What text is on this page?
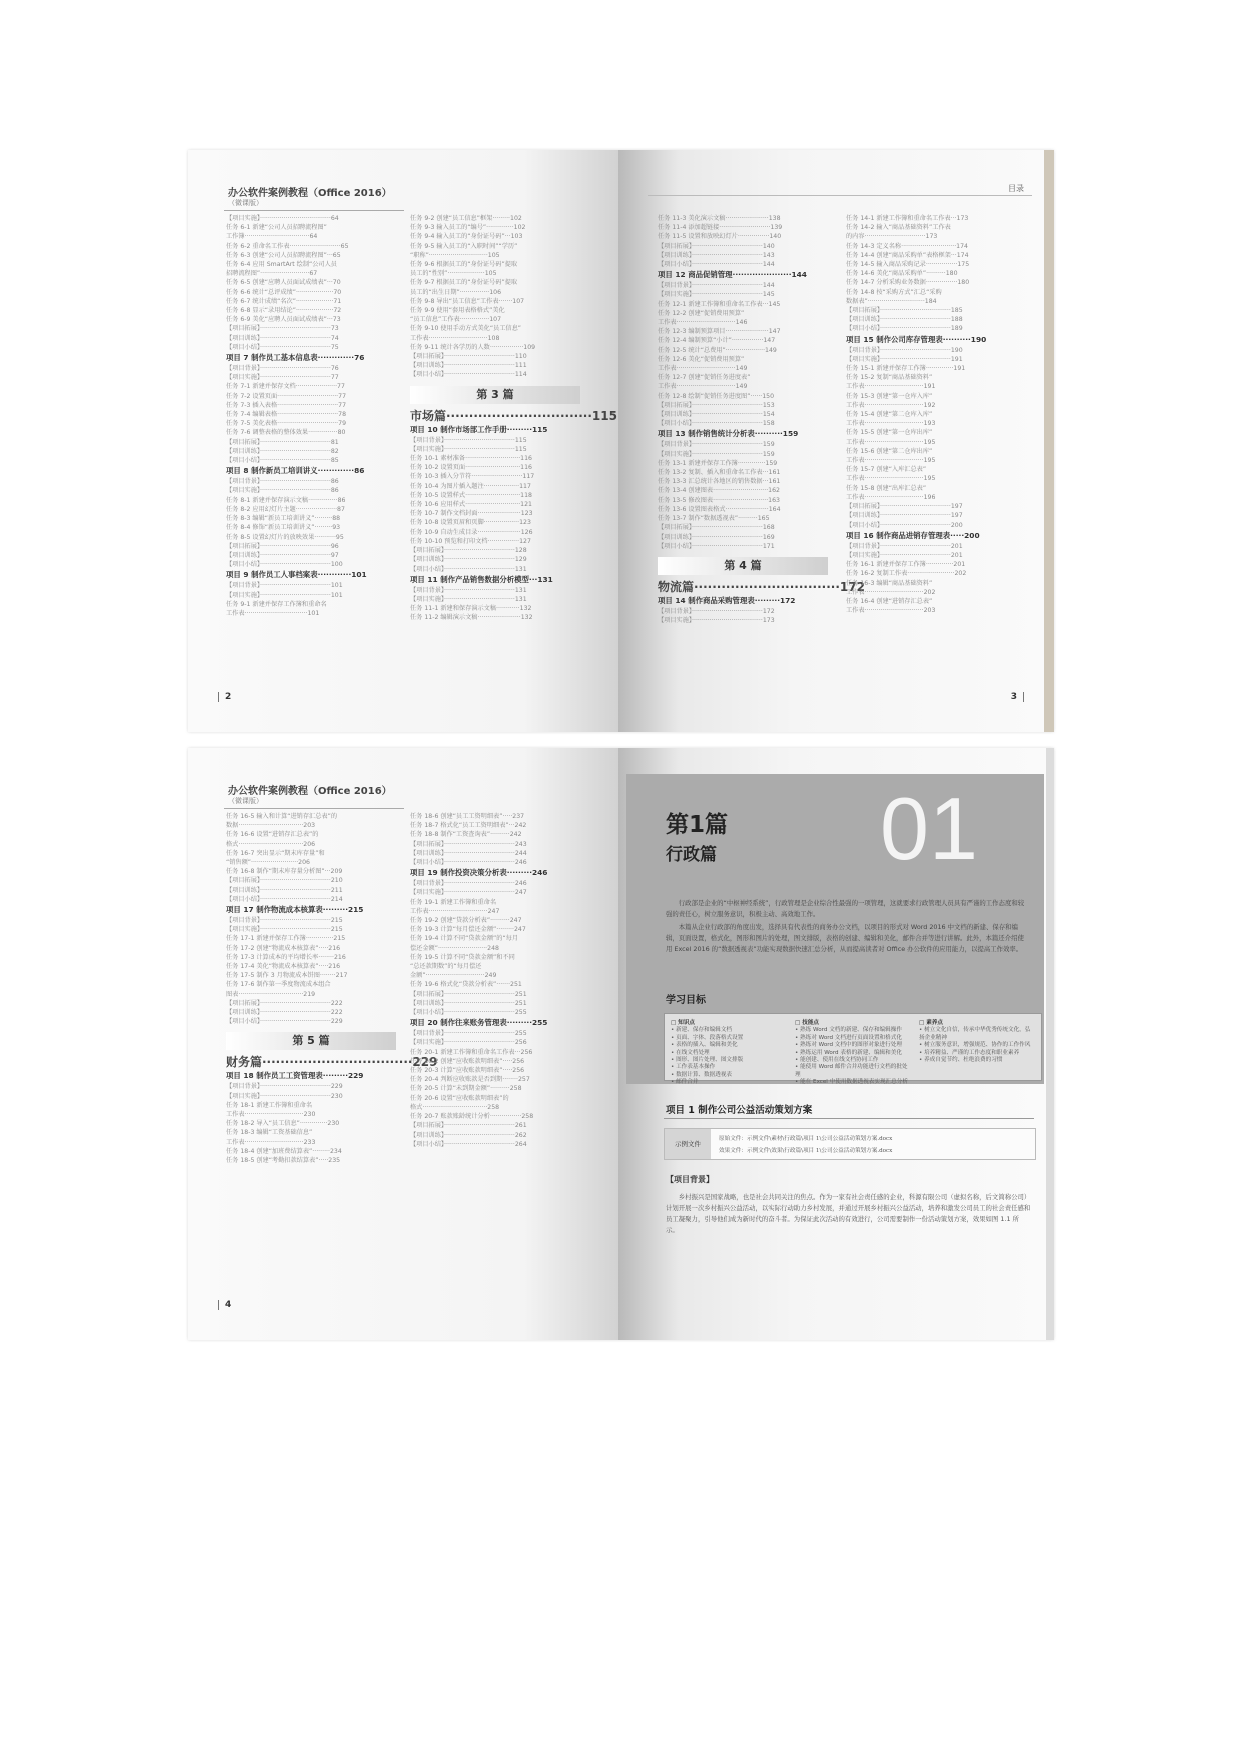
办公软件案例教程（Office 2016）
（微课版）
【项目实施】····································64
任务 6-1 新建“公司人员招聘流程图”
工作簿·································64
任务 6-2 重命名工作表··························65
任务 6-3 创建“公司人员招聘流程图”···65
任务 6-4 应用 SmartArt 绘制“公司人员
招聘流程图”·························67
任务 6-5 创建“应聘人员面试成绩表”···70
任务 6-6 统计“总评成绩”···················70
任务 6-7 统计成绩“名次”···················71
任务 6-8 显示“录用结论”···················72
任务 6-9 美化“应聘人员面试成绩表”···73
【项目拓展】····································73
【项目训练】····································74
【项目小结】····································75
项目 7 制作员工基本信息表·············76
【项目背景】····································76
【项目实施】····································77
任务 7-1 新建并保存文档·····················77
任务 7-2 设置页面·······························77
任务 7-3 插入表格·······························77
任务 7-4 编辑表格·······························78
任务 7-5 美化表格·······························79
任务 7-6 调整表格的整体效果···············80
【项目拓展】····································81
【项目训练】····································82
【项目小结】····································85
项目 8 制作新员工培训讲义·············86
【项目背景】····································86
【项目实施】····································86
任务 8-1 新建并保存演示文稿···············86
任务 8-2 应用幻灯片主题·····················87
任务 8-3 编辑“新员工培训讲义”·········88
任务 8-4 修饰“新员工培训讲义”·········93
任务 8-5 设置幻灯片的放映效果···········95
【项目拓展】····································96
【项目训练】····································97
【项目小结】····································100
项目 9 制作员工人事档案表············101
【项目背景】····································101
【项目实施】····································101
任务 9-1 新建并保存工作簿和重命名
工作表································101
任务 9-2 创建“员工信息”框架·········102
任务 9-3 输入员工的“编号”··············102
任务 9-4 输入员工的“身份证号码”···103
任务 9-5 输入员工的“入职时间”“学历”
“职称”······························105
任务 9-6 根据员工的“身份证号码”提取
员工的“性别”···················105
任务 9-7 根据员工的“身份证号码”提取
员工的“出生日期”···············106
任务 9-8 导出“员工信息”工作表·······107
任务 9-9 使用“套用表格格式”美化
“员工信息”工作表···············107
任务 9-10 使用手动方式美化“员工信息”
工作表······························108
任务 9-11 统计各学历的人数·················109
【项目拓展】····································110
【项目训练】····································111
【项目小结】····································114
第 3 篇
市场篇································115
项目 10 制作市场部工作手册·········115
【项目背景】····································115
【项目实施】····································115
任务 10-1 素材准备····························116
任务 10-2 设置页面····························116
任务 10-3 插入分节符··························117
任务 10-4 为图片插入题注··················117
任务 10-5 设置样式····························118
任务 10-6 应用样式····························121
任务 10-7 制作文档封面······················123
任务 10-8 设置页眉和页脚··················123
任务 10-9 自动生成目录······················126
任务 10-10 预览和打印文档················127
【项目拓展】····································128
【项目训练】····································129
【项目小结】····································131
项目 11 制作产品销售数据分析模型···131
【项目背景】····································131
【项目实施】····································131
任务 11-1 新建和保存演示文稿············132
任务 11-2 编辑演示文稿······················132
2
目录
任务 11-3 美化演示文稿······················138
任务 11-4 添加超链接··························139
任务 11-5 设置和放映幻灯片················140
【项目拓展】····································140
【项目训练】····································143
【项目小结】····································144
项目 12 商品促销管理·····················144
【项目背景】····································144
【项目实施】····································145
任务 12-1 新建工作簿和重命名工作表···145
任务 12-2 创建“促销费用预算”
工作表······························146
任务 12-3 编制预算项目······················147
任务 12-4 编制预算“小计”················147
任务 12-5 统计“总费用”····················149
任务 12-6 美化“促销费用预算”
工作表······························149
任务 12-7 创建“促销任务进度表”
工作表······························149
任务 12-8 绘制“促销任务进度图”······150
【项目拓展】····································153
【项目训练】····································154
【项目小结】····································158
项目 13 制作销售统计分析表··········159
【项目背景】····································159
【项目实施】····································159
任务 13-1 新建并保存工作簿··············159
任务 13-2 复制、插入和重命名工作表···161
任务 13-3 汇总统计各地区的销售数据···161
任务 13-4 创建图表····························162
任务 13-5 修改图表····························163
任务 13-6 设置图表格式······················164
任务 13-7 制作“数据透视表”··········165
【项目拓展】····································168
【项目训练】····································169
【项目小结】····································171
第 4 篇
物流篇································172
项目 14 制作商品采购管理表·········172
【项目背景】····································172
【项目实施】····································173
任务 14-1 新建工作簿和重命名工作表···173
任务 14-2 输入“商品基础资料”工作表
的内容·······························173
任务 14-3 定义名称····························174
任务 14-4 创建“商品采购单”表格框架···174
任务 14-5 输入商品采购记录················175
任务 14-6 美化“商品采购单”··········180
任务 14-7 分析采购业务数据················180
任务 14-8 按“采购方式”汇总“采购
数据表”·····························184
【项目拓展】····································185
【项目训练】····································188
【项目小结】····································189
项目 15 制作公司库存管理表··········190
【项目背景】····································190
【项目实施】····································191
任务 15-1 新建并保存工作簿··············191
任务 15-2 复制“商品基础资料”
工作表······························191
任务 15-3 创建“第一仓库入库”
工作表······························192
任务 15-4 创建“第二仓库入库”
工作表······························193
任务 15-5 创建“第一仓库出库”
工作表······························195
任务 15-6 创建“第二仓库出库”
工作表······························195
任务 15-7 创建“入库汇总表”
工作表······························195
任务 15-8 创建“出库汇总表”
工作表······························196
【项目拓展】····································197
【项目训练】····································197
【项目小结】····································200
项目 16 制作商品进销存管理表·····200
【项目背景】····································201
【项目实施】····································201
任务 16-1 新建并保存工作簿··············201
任务 16-2 复制工作表························202
任务 16-3 编辑“商品基础资料”
工作表······························202
任务 16-4 创建“进销存汇总表”
工作表······························203
3
办公软件案例教程（Office 2016）
（微课版）
任务 16-5 输入和计算“进销存汇总表”的
数据·································203
任务 16-6 设置“进销存汇总表”的
格式·································206
任务 16-7 突出显示“期末库存量”和
“销售额”························206
任务 16-8 制作“期末库存量分析图”···209
【项目拓展】····································210
【项目训练】····································211
【项目小结】····································214
项目 17 制作物流成本核算表·········215
【项目背景】····································215
【项目实施】····································215
任务 17-1 新建并保存工作簿··············215
任务 17-2 创建“物流成本核算表”·····216
任务 17-3 计算成本的平均增长率········216
任务 17-4 美化“物流成本核算表”·····216
任务 17-5 制作 3 月物流成本饼图········217
任务 17-6 制作第一季度物流成本组合
图表·································219
【项目拓展】····································222
【项目训练】····································222
【项目小结】····································229
第 5 篇
财务篇·································229
项目 18 制作员工工资管理表·········229
【项目背景】····································229
【项目实施】····································230
任务 18-1 新建工作簿和重命名
工作表······························230
任务 18-2 导入“员工信息”··············230
任务 18-3 编辑“工资基础信息”
工作表······························233
任务 18-4 创建“加班费结算表”·········234
任务 18-5 创建“考勤扣款结算表”·····235
任务 18-6 创建“员工工资明细表”·····237
任务 18-7 格式化“员工工资明细表”···242
任务 18-8 制作“工资查询表”··········242
【项目拓展】····································243
【项目训练】····································244
【项目小结】····································246
项目 19 制作投资决策分析表·········246
【项目背景】····································246
【项目实施】····································247
任务 19-1 新建工作簿和重命名
工作表······························247
任务 19-2 创建“贷款分析表”··········247
任务 19-3 计算“每月偿还金额”·········247
任务 19-4 计算不同“贷款金额”的“每月
偿还金额”·························248
任务 19-5 计算不同“贷款金额”和不同
“总还款期数”的“每月偿还
金额”······························249
任务 19-6 格式化“贷款分析表”·······251
【项目拓展】····································251
【项目训练】····································251
【项目小结】····································255
项目 20 制作往来账务管理表·········255
【项目背景】····································255
【项目实施】····································256
任务 20-1 新建工作簿和重命名工作表···256
任务 20-2 创建“应收账款明细表”·····256
任务 20-3 计算“应收账款明细表”·····256
任务 20-4 判断应收账款是否到期········257
任务 20-5 计算“未到期金额”··········258
任务 20-6 设置“应收账款明细表”的
格式·································258
任务 20-7 账款账龄统计分析················258
【项目拓展】····································261
【项目训练】····································262
【项目小结】····································264
4
第1篇
行政篇 01

行政部是企业的“中枢神经系统”，行政管理是企业综合性最强的一项管理，这就要求行政管理人员具有严谨的工作态度和较强的责任心，树立服务意识，积极主动、高效地工作。

本篇从企业行政部的角度出发，选择具有代表性的商务办公文档，以项目的形式对 Word 2016 中文档的新建、保存和编辑，页面设置，格式化，图形和图片的处理，图文排版，表格的创建、编辑和美化，邮件合并等进行讲解。此外，本篇还介绍使用 Excel 2016 的“数据透视表”功能实现数据快速汇总分析，从而提高读者对 Office 办公软件的应用能力，以提高工作效率。

学习目标
□ 知识点
• 新建、保存和编辑文档
• 页面、字体、段落格式设置
• 表格的插入、编辑和美化
• 在线文档处理
• 图形、图片处理、图文排版
• 工作表基本操作
• 数据计算、数据透视表
• 邮件合并
□ 技能点
• 熟练 Word 文档的新建、保存和编辑操作
• 熟练对 Word 文档进行页面设置和格式化
• 熟练对 Word 文档中的图形对象进行处理
• 熟练运用 Word 表格的新建、编辑和美化
• 能创建、使用在线文档协同工作
• 能使用 Word 邮件合并功能进行文档的批处理
• 能在 Excel 中使用数据透视表实现汇总分析
□ 素养点
• 树立文化自信，传承中华优秀传统文化，弘扬企业精神
• 树立服务意识，增强规范、协作的工作作风
• 培养精益、严谨的工作态度和职业素养
• 养成自觉节约、杜绝浪费的习惯
项目 1 制作公司公益活动策划方案
示例文件
原始文件：示例文件\素材\行政篇\项目 1\公司公益活动策划方案.docx
效果文件：示例文件\效果\行政篇\项目 1\公司公益活动策划方案.docx
【项目背景】

乡村振兴是国家战略，也是社会共同关注的焦点。作为一家有社会责任感的企业，科源有限公司（虚拟名称，后文简称公司）计划开展一次乡村振兴公益活动，以实际行动助力乡村发展，并通过开展乡村振兴公益活动，培养和激发公司员工的社会责任感和员工凝聚力，引导他们成为新时代的奋斗者。为保证此次活动的有效进行，公司需要制作一份活动策划方案，效果如图 1.1 所示。
